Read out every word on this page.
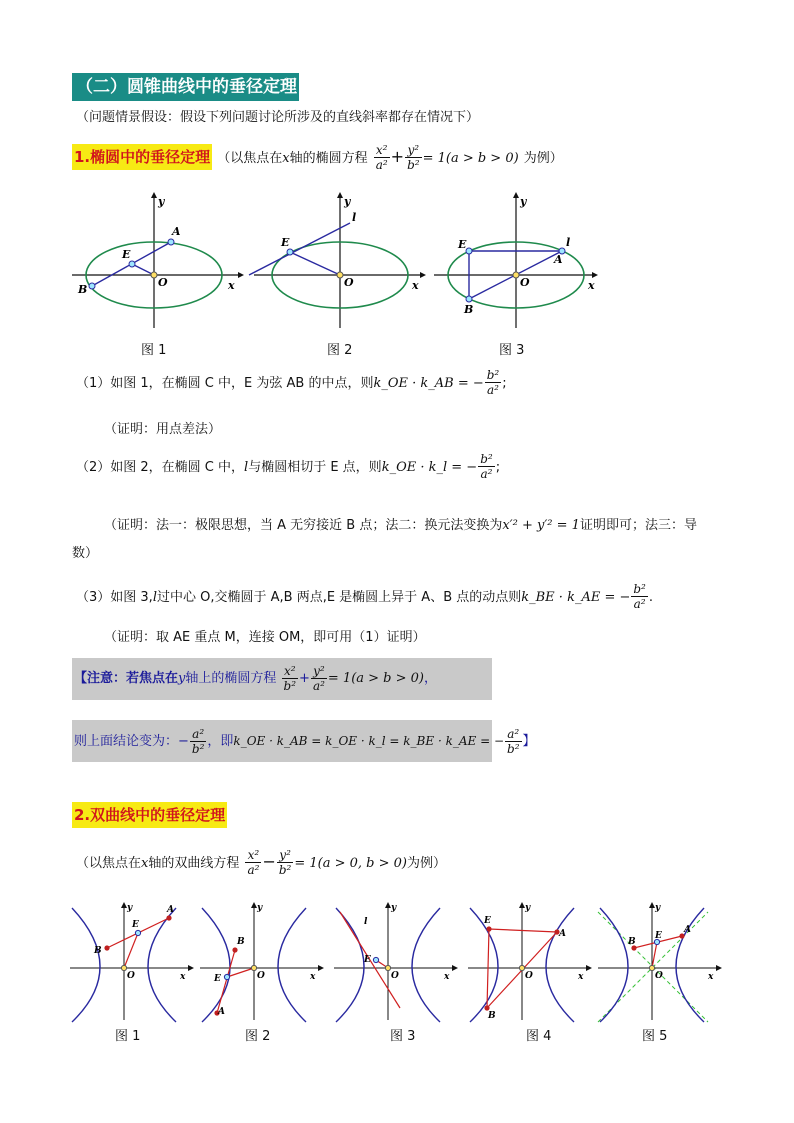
（二）圆锥曲线中的垂径定理
（问题情景假设：假设下列问题讨论所涉及的直线斜率都存在情况下）
1.椭圆中的垂径定理 （以焦点在x轴的椭圆方程 $\frac{\text{x²}}{\text{a²}} + \frac{\text{y²}}{\text{b²}} = 1(a > b > 0)$ 为例）
B
A
E
O	x
y
l
E
O	x
y
E
B
A
l
O	x
y
图 1	图 2	图 3
（1）如图 1，在椭圆 C 中，E 为弦 AB 的中点，则k_OE · k_AB = − $\frac{\text{b²}}{\text{a²}}$ ;
（证明：用点差法）
（2）如图 2，在椭圆 C 中，l与椭圆相切于 E 点，则k_OE · k_l = − $\frac{\text{b²}}{\text{a²}}$ ;
（证明：法一：极限思想，当 A 无穷接近 B 点；法二：换元法变换为x′² + y′² = 1证明即可；法三：导
数）
（3）如图 3,l过中心 O,交椭圆于 A,B 两点,E 是椭圆上异于 A、B 点的动点则k_BE · k_AE = − $\frac{\text{b²}}{\text{a²}}$ .
（证明：取 AE 重点 M，连接 OM，即可用（1）证明）
【注意：若焦点在y轴上的椭圆方程 $\frac{\text{x²}}{\text{b²}} + \frac{\text{y²}}{\text{a²}} = 1(a > b > 0)$，
则上面结论变为：− $\frac{\text{a²}}{\text{b²}}$ ，即k_OE · k_AB = k_OE · k_l = k_BE · k_AE = − $\frac{\text{a²}}{\text{b²}}$ 】
2.双曲线中的垂径定理
（以焦点在x轴的双曲线方程 $\frac{\text{x²}}{\text{a²}} - \frac{\text{y²}}{\text{b²}} = 1(a > 0$, b > 0)为例）
B
A
E
O	x
y
B
A
E	O	x
y
l
E
O	x
y
E
A
B
O	x
y
B
A
E
O	x
y
图 1	图 2	图 3	图 4	图 5
